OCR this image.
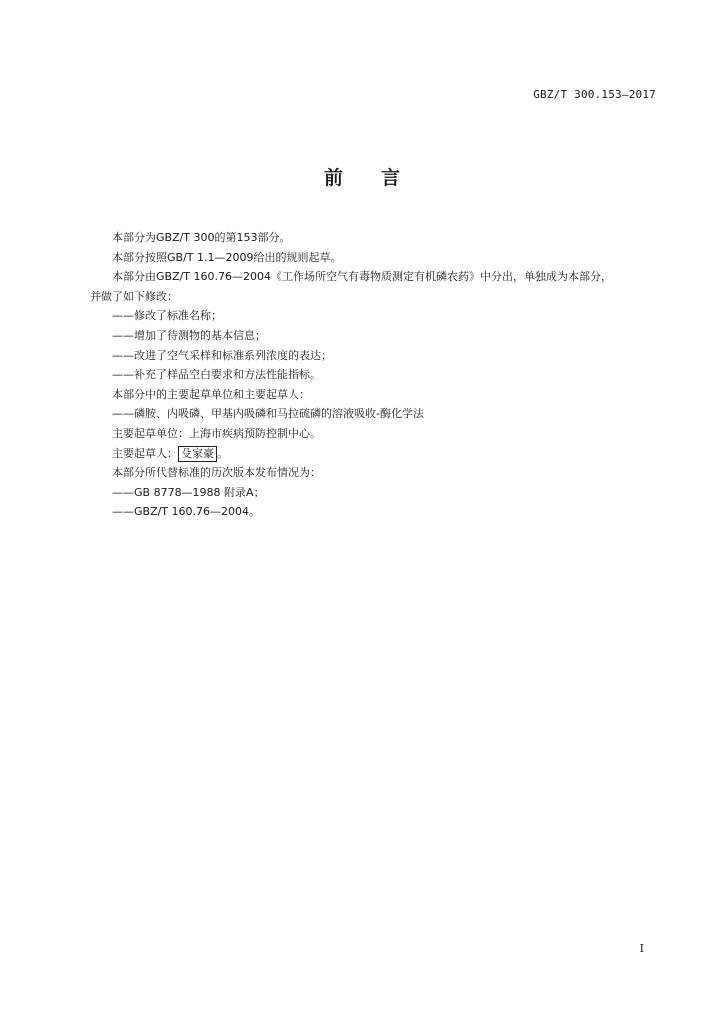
GBZ/T 300.153—2017
前 言

本部分为GBZ/T 300的第153部分。

本部分按照GB/T 1.1—2009给出的规则起草。

本部分由GBZ/T 160.76—2004《工作场所空气有毒物质测定有机磷农药》中分出，单独成为本部分，

并做了如下修改：

——修改了标准名称；

——增加了待测物的基本信息；

——改进了空气采样和标准系列浓度的表达；

——补充了样品空白要求和方法性能指标。

本部分中的主要起草单位和主要起草人：

——磷胺、内吸磷、甲基内吸磷和马拉硫磷的溶液吸收-酶化学法

主要起草单位：上海市疾病预防控制中心。

主要起草人： 殳家豪 。

本部分所代替标准的历次版本发布情况为：

——GB 8778—1988 附录A；

——GBZ/T 160.76—2004。

I
